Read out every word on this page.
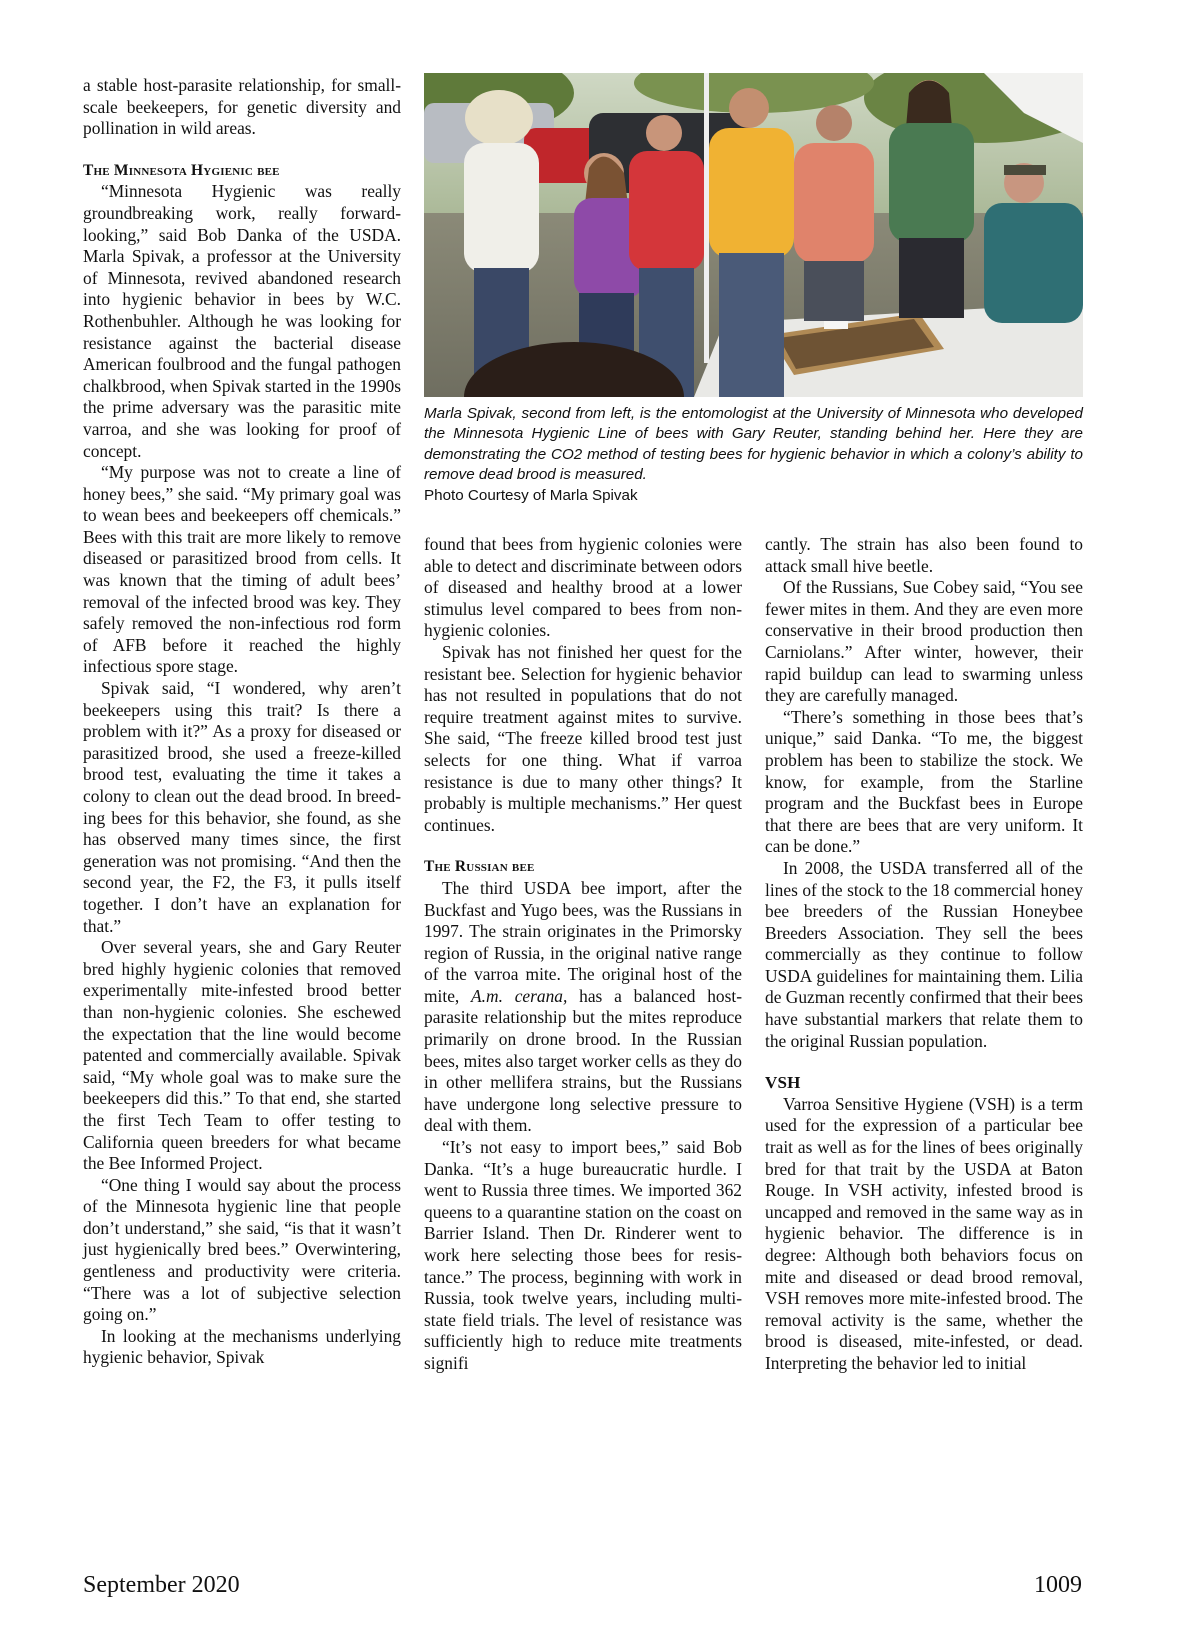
a stable host-parasite relationship, for small-scale beekeepers, for genetic diversity and pollination in wild areas.

The Minnesota Hygienic bee

“Minnesota Hygienic was really groundbreaking work, really forward-looking,” said Bob Danka of the USDA. Marla Spivak, a professor at the University of Minnesota, revived abandoned research into hygienic behavior in bees by W.C. Rothenbuhler. Although he was looking for resistance against the bacterial disease American foulbrood and the fungal pathogen chalkbrood, when Spivak started in the 1990s the prime adversary was the parasitic mite varroa, and she was looking for proof of concept.

“My purpose was not to create a line of honey bees,” she said. “My primary goal was to wean bees and beekeepers off chemicals.” Bees with this trait are more likely to remove diseased or parasitized brood from cells. It was known that the timing of adult bees’ removal of the infected brood was key. They safely removed the non-infectious rod form of AFB before it reached the highly infectious spore stage.

Spivak said, “I wondered, why aren’t beekeepers using this trait? Is there a problem with it?” As a proxy for diseased or parasitized brood, she used a freeze-killed brood test, evaluating the time it takes a colony to clean out the dead brood. In breeding bees for this behavior, she found, as she has observed many times since, the first generation was not promising. “And then the second year, the F2, the F3, it pulls itself together. I don’t have an explanation for that.”

Over several years, she and Gary Reuter bred highly hygienic colonies that removed experimentally mite-infested brood better than non-hygienic colonies. She eschewed the expectation that the line would become patented and commercially available. Spivak said, “My whole goal was to make sure the beekeepers did this.” To that end, she started the first Tech Team to offer testing to California queen breeders for what became the Bee Informed Project.

“One thing I would say about the process of the Minnesota hygienic line that people don’t understand,” she said, “is that it wasn’t just hygienically bred bees.” Overwintering, gentleness and productivity were criteria. “There was a lot of subjective selection going on.”

In looking at the mechanisms underlying hygienic behavior, Spivak

Marla Spivak, second from left, is the entomologist at the University of Minnesota who developed the Minnesota Hygienic Line of bees with Gary Reuter, standing behind her. Here they are demonstrating the CO2 method of testing bees for hygienic behavior in which a colony’s ability to remove dead brood is measured.
Photo Courtesy of Marla Spivak

found that bees from hygienic colonies were able to detect and discriminate between odors of diseased and healthy brood at a lower stimulus level compared to bees from non-hygienic colonies.

Spivak has not finished her quest for the resistant bee. Selection for hygienic behavior has not resulted in populations that do not require treatment against mites to survive. She said, “The freeze killed brood test just selects for one thing. What if varroa resistance is due to many other things? It probably is multiple mechanisms.” Her quest continues.

The Russian bee

The third USDA bee import, after the Buckfast and Yugo bees, was the Russians in 1997. The strain originates in the Primorsky region of Russia, in the original native range of the varroa mite. The original host of the mite, A.m. cerana, has a balanced host-parasite relationship but the mites reproduce primarily on drone brood. In the Russian bees, mites also target worker cells as they do in other mellifera strains, but the Russians have undergone long selective pressure to deal with them.

“It’s not easy to import bees,” said Bob Danka. “It’s a huge bureaucratic hurdle. I went to Russia three times. We imported 362 queens to a quarantine station on the coast on Barrier Island. Then Dr. Rinderer went to work here selecting those bees for resistance.” The process, beginning with work in Russia, took twelve years, including multi-state field trials. The level of resistance was sufficiently high to reduce mite treatments signifi

cantly. The strain has also been found to attack small hive beetle.

Of the Russians, Sue Cobey said, “You see fewer mites in them. And they are even more conservative in their brood production then Carniolans.” After winter, however, their rapid buildup can lead to swarming unless they are carefully managed.

“There’s something in those bees that’s unique,” said Danka. “To me, the biggest problem has been to stabilize the stock. We know, for example, from the Starline program and the Buckfast bees in Europe that there are bees that are very uniform. It can be done.”

In 2008, the USDA transferred all of the lines of the stock to the 18 commercial honey bee breeders of the Russian Honeybee Breeders Association. They sell the bees commercially as they continue to follow USDA guidelines for maintaining them. Lilia de Guzman recently confirmed that their bees have substantial markers that relate them to the original Russian population.

VSH

Varroa Sensitive Hygiene (VSH) is a term used for the expression of a particular bee trait as well as for the lines of bees originally bred for that trait by the USDA at Baton Rouge. In VSH activity, infested brood is uncapped and removed in the same way as in hygienic behavior. The difference is in degree: Although both behaviors focus on mite and diseased or dead brood removal, VSH removes more mite-infested brood. The removal activity is the same, whether the brood is diseased, mite-infested, or dead. Interpreting the behavior led to initial

September 2020	1009
